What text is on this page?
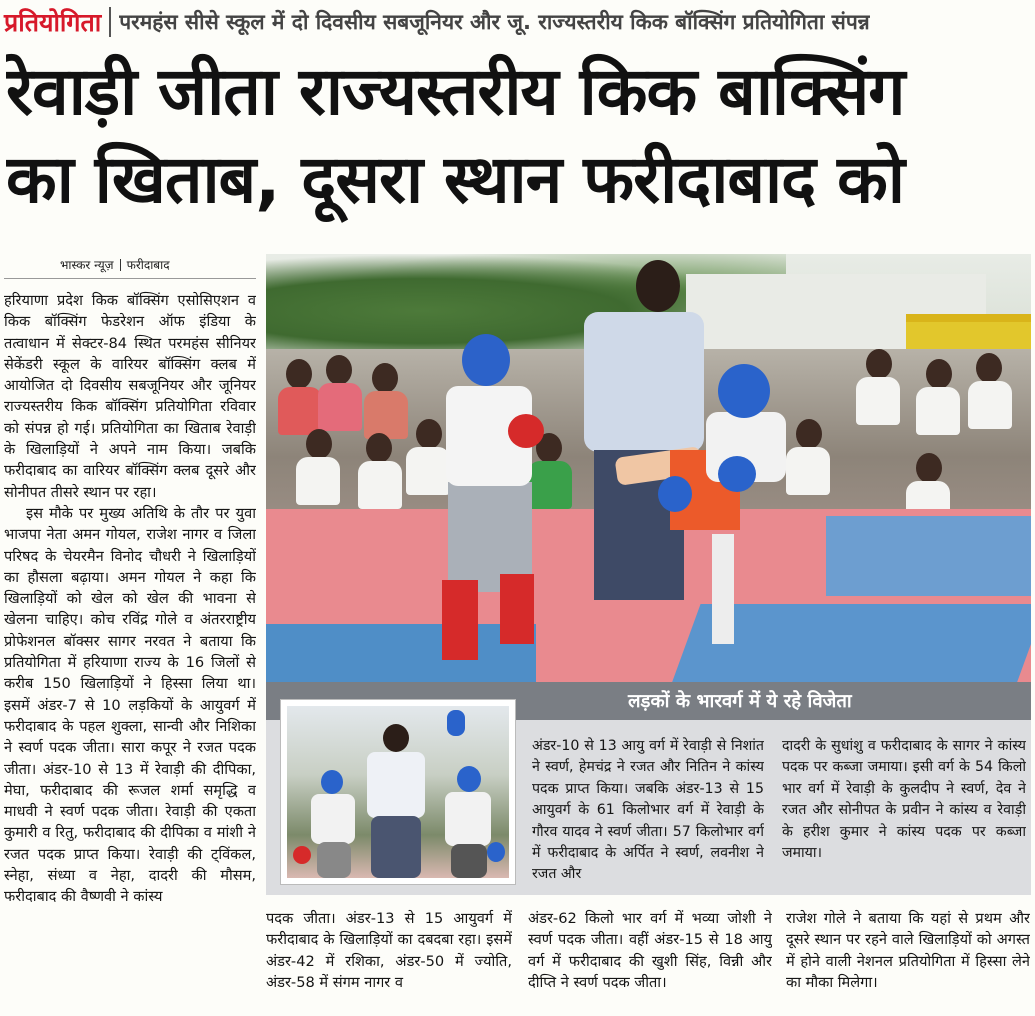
प्रतियोगिता परमहंस सीसे स्कूल में दो दिवसीय सबजूनियर और जू. राज्यस्तरीय किक बॉक्सिंग प्रतियोगिता संपन्न
रेवाड़ी जीता राज्यस्तरीय किक बाक्सिंग
का खिताब, दूसरा स्थान फरीदाबाद को
भास्कर न्यूज़ फरीदाबाद

हरियाणा प्रदेश किक बॉक्सिंग एसोसिएशन व किक बॉक्सिंग फेडरेशन ऑफ इंडिया के तत्वाधान में सेक्टर-84 स्थित परमहंस सीनियर सेकेंडरी स्कूल के वारियर बॉक्सिंग क्लब में आयोजित दो दिवसीय सबजूनियर और जूनियर राज्यस्तरीय किक बॉक्सिंग प्रतियोगिता रविवार को संपन्न हो गई। प्रतियोगिता का खिताब रेवाड़ी के खिलाड़ियों ने अपने नाम किया। जबकि फरीदाबाद का वारियर बॉक्सिंग क्लब दूसरे और सोनीपत तीसरे स्थान पर रहा।

इस मौके पर मुख्य अतिथि के तौर पर युवा भाजपा नेता अमन गोयल, राजेश नागर व जिला परिषद के चेयरमैन विनोद चौधरी ने खिलाड़ियों का हौसला बढ़ाया। अमन गोयल ने कहा कि खिलाड़ियों को खेल को खेल की भावना से खेलना चाहिए। कोच रविंद्र गोले व अंतरराष्ट्रीय प्रोफेशनल बॉक्सर सागर नरवत ने बताया कि प्रतियोगिता में हरियाणा राज्य के 16 जिलों से करीब 150 खिलाड़ियों ने हिस्सा लिया था। इसमें अंडर-7 से 10 लड़कियों के आयुवर्ग में फरीदाबाद के पहल शुक्ला, सान्वी और निशिका ने स्वर्ण पदक जीता। सारा कपूर ने रजत पदक जीता। अंडर-10 से 13 में रेवाड़ी की दीपिका, मेघा, फरीदाबाद की रूजल शर्मा समृद्धि व माधवी ने स्वर्ण पदक जीता। रेवाड़ी की एकता कुमारी व रितु, फरीदाबाद की दीपिका व मांशी ने रजत पदक प्राप्त किया। रेवाड़ी की ट्विंकल, स्नेहा, संध्या व नेहा, दादरी की मौसम, फरीदाबाद की वैष्णवी ने कांस्य

लड़कों के भारवर्ग में ये रहे विजेता

अंडर-10 से 13 आयु वर्ग में रेवाड़ी से निशांत ने स्वर्ण, हेमचंद्र ने रजत और नितिन ने कांस्य पदक प्राप्त किया। जबकि अंडर-13 से 15 आयुवर्ग के 61 किलोभार वर्ग में रेवाड़ी के गौरव यादव ने स्वर्ण जीता। 57 किलोभार वर्ग में फरीदाबाद के अर्पित ने स्वर्ण, लवनीश ने रजत और

दादरी के सुधांशु व फरीदाबाद के सागर ने कांस्य पदक पर कब्जा जमाया। इसी वर्ग के 54 किलो भार वर्ग में रेवाड़ी के कुलदीप ने स्वर्ण, देव ने रजत और सोनीपत के प्रवीन ने कांस्य व रेवाड़ी के हरीश कुमार ने कांस्य पदक पर कब्जा जमाया।

पदक जीता। अंडर-13 से 15 आयुवर्ग में फरीदाबाद के खिलाड़ियों का दबदबा रहा। इसमें अंडर-42 में रशिका, अंडर-50 में ज्योति, अंडर-58 में संगम नागर व

अंडर-62 किलो भार वर्ग में भव्या जोशी ने स्वर्ण पदक जीता। वहीं अंडर-15 से 18 आयु वर्ग में फरीदाबाद की खुशी सिंह, विन्नी और दीप्ति ने स्वर्ण पदक जीता।

राजेश गोले ने बताया कि यहां से प्रथम और दूसरे स्थान पर रहने वाले खिलाड़ियों को अगस्त में होने वाली नेशनल प्रतियोगिता में हिस्सा लेने का मौका मिलेगा।
